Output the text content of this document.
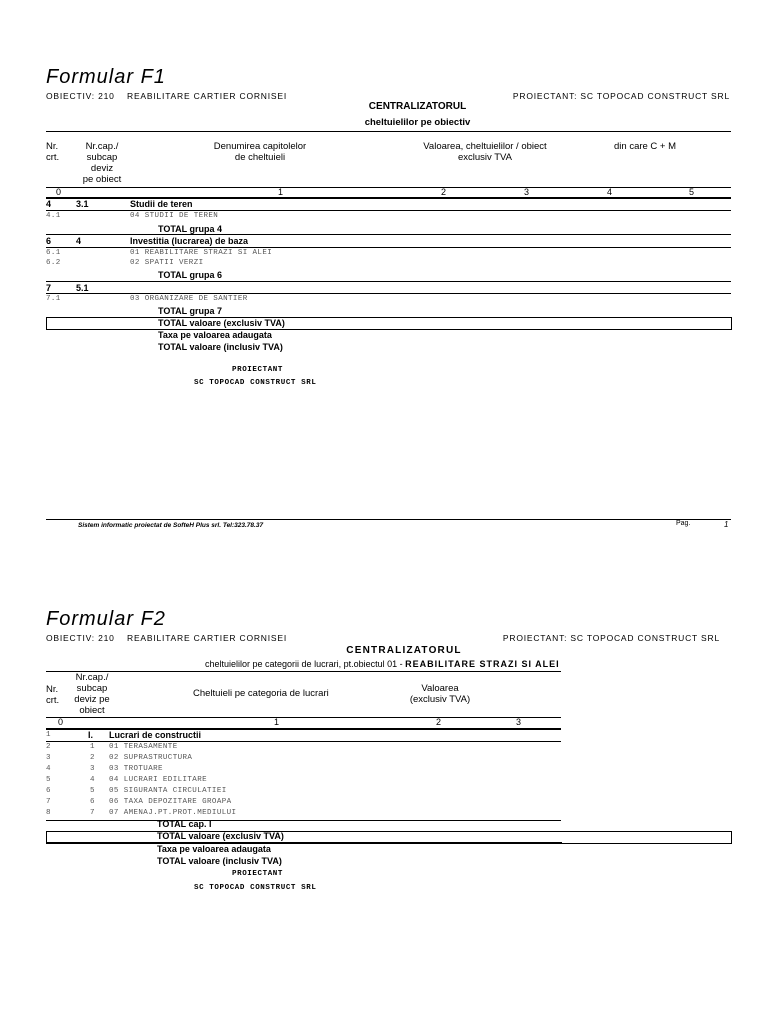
Formular F1
OBIECTIV: 210 REABILITARE CARTIER CORNISEI	PROIECTANT: SC TOPOCAD CONSTRUCT SRL
CENTRALIZATORUL
cheltuielilor pe obiectiv
Nr.
crt.
Nr.cap./
subcap
deviz
pe obiect
Denumirea capitolelor
de cheltuieli
Valoarea, cheltuielilor / obiect
exclusiv TVA
din care C + M
0	1	2	3	4	5
4	3.1	Studii de teren
4.1	04 STUDII DE TEREN
TOTAL grupa 4
6	4	Investitia (lucrarea) de baza
6.1	01 REABILITARE STRAZI SI ALEI
6.2	02 SPATII VERZI
TOTAL grupa 6
7	5.1
7.1	03 ORGANIZARE DE SANTIER
TOTAL grupa 7
TOTAL valoare (exclusiv TVA)
Taxa pe valoarea adaugata
TOTAL valoare (inclusiv TVA)
PROIECTANT
SC TOPOCAD CONSTRUCT SRL
Sistem informatic proiectat de SofteH Plus srl. Tel:323.78.37	Pag.	1
Formular F2
OBIECTIV: 210 REABILITARE CARTIER CORNISEI	PROIECTANT: SC TOPOCAD CONSTRUCT SRL
CENTRALIZATORUL
cheltuielilor pe categorii de lucrari, pt.obiectul 01 - REABILITARE STRAZI SI ALEI
Nr.
crt.
Nr.cap./
subcap
deviz pe
obiect
Cheltuieli pe categoria de lucrari	Valoarea
(exclusiv TVA)
0	1	2	3
1	I. Lucrari de constructii
2	1 01 TERASAMENTE
3	2 02 SUPRASTRUCTURA
4	3 03 TROTUARE
5	4 04 LUCRARI EDILITARE
6	5 05 SIGURANTA CIRCULATIEI
7	6 06 TAXA DEPOZITARE GROAPA
8	7 07 AMENAJ.PT.PROT.MEDIULUI
TOTAL cap. I
TOTAL valoare (exclusiv TVA)
Taxa pe valoarea adaugata
TOTAL valoare (inclusiv TVA)
PROIECTANT
SC TOPOCAD CONSTRUCT SRL
